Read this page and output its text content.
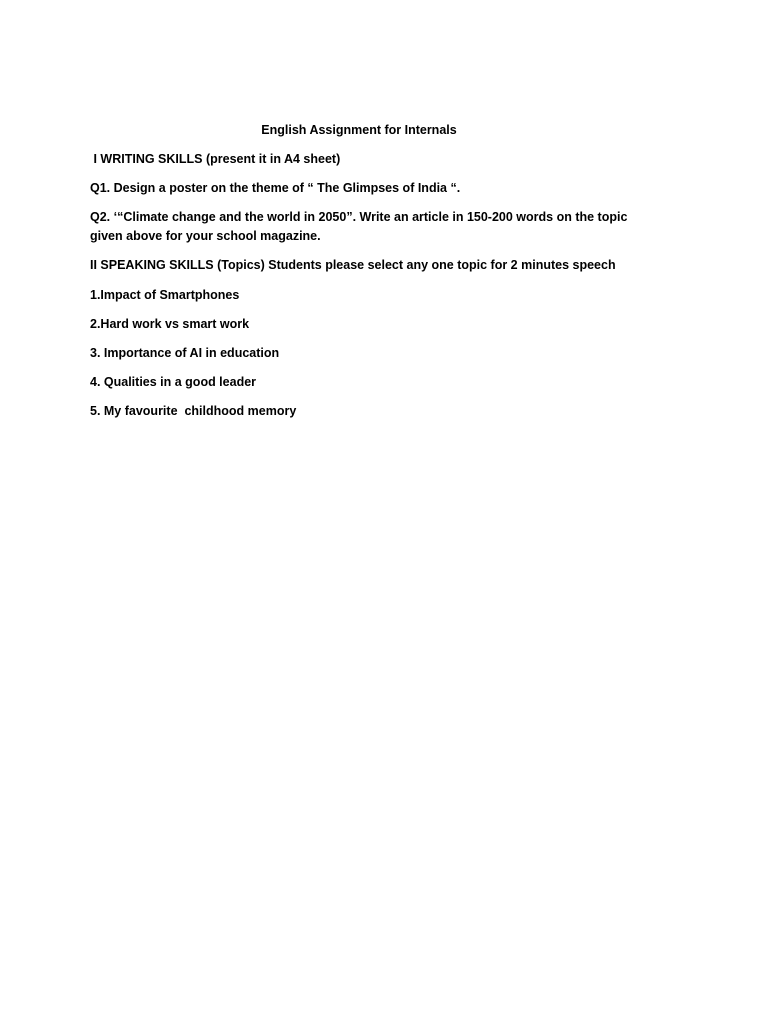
English Assignment for Internals
I WRITING SKILLS (present it in A4 sheet)
Q1. Design a poster on the theme of “ The Glimpses of India “.
Q2. ‘“Climate change and the world in 2050”. Write an article in 150-200 words on the topic given above for your school magazine.
II SPEAKING SKILLS (Topics) Students please select any one topic for 2 minutes speech
1.Impact of Smartphones
2.Hard work vs smart work
3. Importance of AI in education
4. Qualities in a good leader
5. My favourite  childhood memory
